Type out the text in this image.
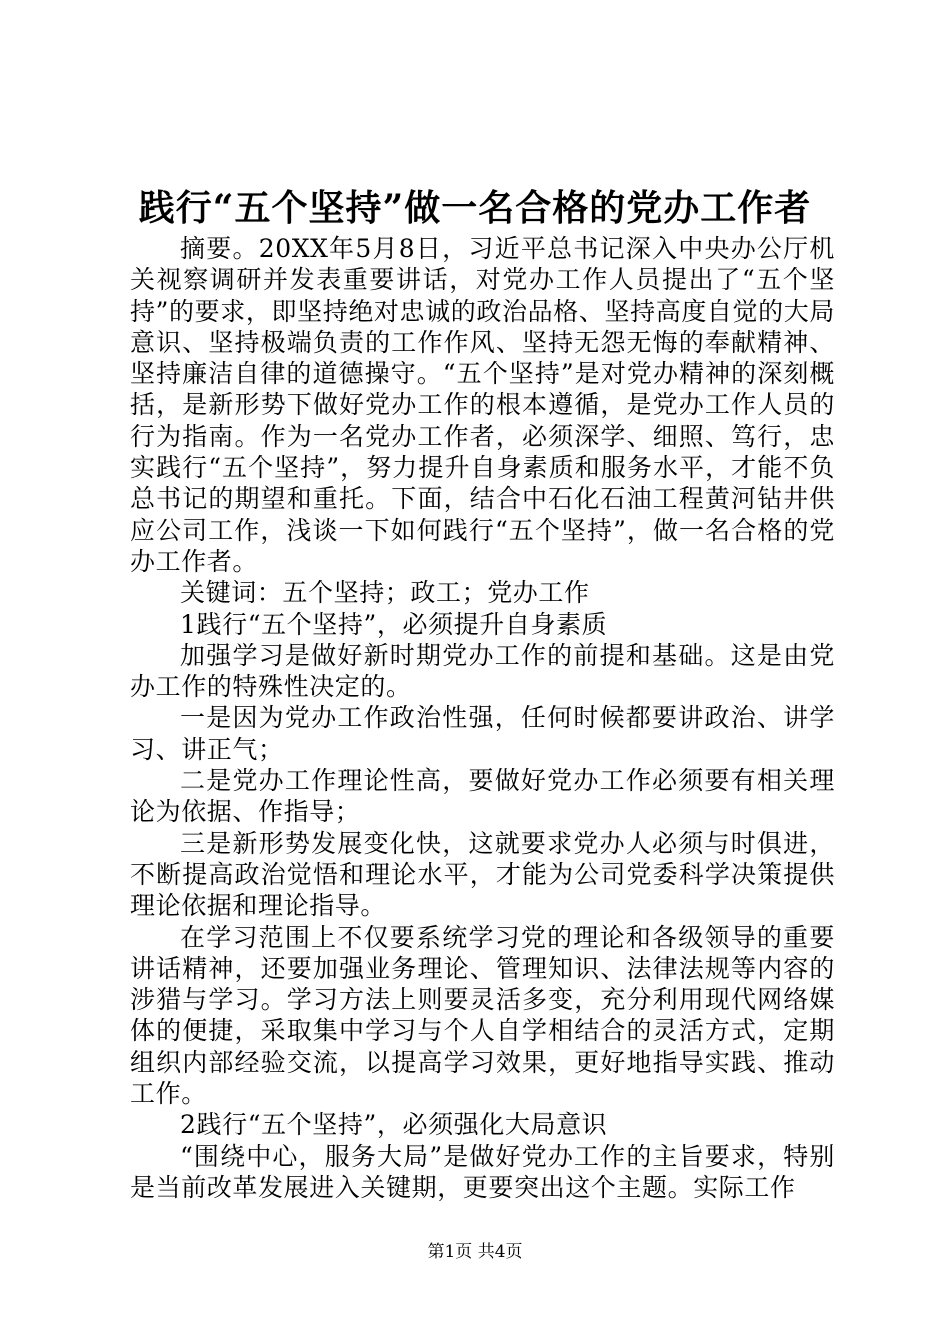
践行“五个坚持”做一名合格的党办工作者

摘要。20XX年5月8日，习近平总书记深入中央办公厅机关视察调研并发表重要讲话，对党办工作人员提出了“五个坚持”的要求，即坚持绝对忠诚的政治品格、坚持高度自觉的大局意识、坚持极端负责的工作作风、坚持无怨无悔的奉献精神、坚持廉洁自律的道德操守。“五个坚持”是对党办精神的深刻概括，是新形势下做好党办工作的根本遵循，是党办工作人员的行为指南。作为一名党办工作者，必须深学、细照、笃行，忠实践行“五个坚持”，努力提升自身素质和服务水平，才能不负总书记的期望和重托。下面，结合中石化石油工程黄河钻井供应公司工作，浅谈一下如何践行“五个坚持”，做一名合格的党办工作者。

关键词：五个坚持；政工；党办工作

1践行“五个坚持”，必须提升自身素质

加强学习是做好新时期党办工作的前提和基础。这是由党办工作的特殊性决定的。

一是因为党办工作政治性强，任何时候都要讲政治、讲学习、讲正气；

二是党办工作理论性高，要做好党办工作必须要有相关理论为依据、作指导；

三是新形势发展变化快，这就要求党办人必须与时俱进，不断提高政治觉悟和理论水平，才能为公司党委科学决策提供理论依据和理论指导。

在学习范围上不仅要系统学习党的理论和各级领导的重要讲话精神，还要加强业务理论、管理知识、法律法规等内容的涉猎与学习。学习方法上则要灵活多变，充分利用现代网络媒体的便捷，采取集中学习与个人自学相结合的灵活方式，定期组织内部经验交流，以提高学习效果，更好地指导实践、推动工作。

2践行“五个坚持”，必须强化大局意识

“围绕中心，服务大局”是做好党办工作的主旨要求，特别是当前改革发展进入关键期，更要突出这个主题。实际工作

第1页 共4页
